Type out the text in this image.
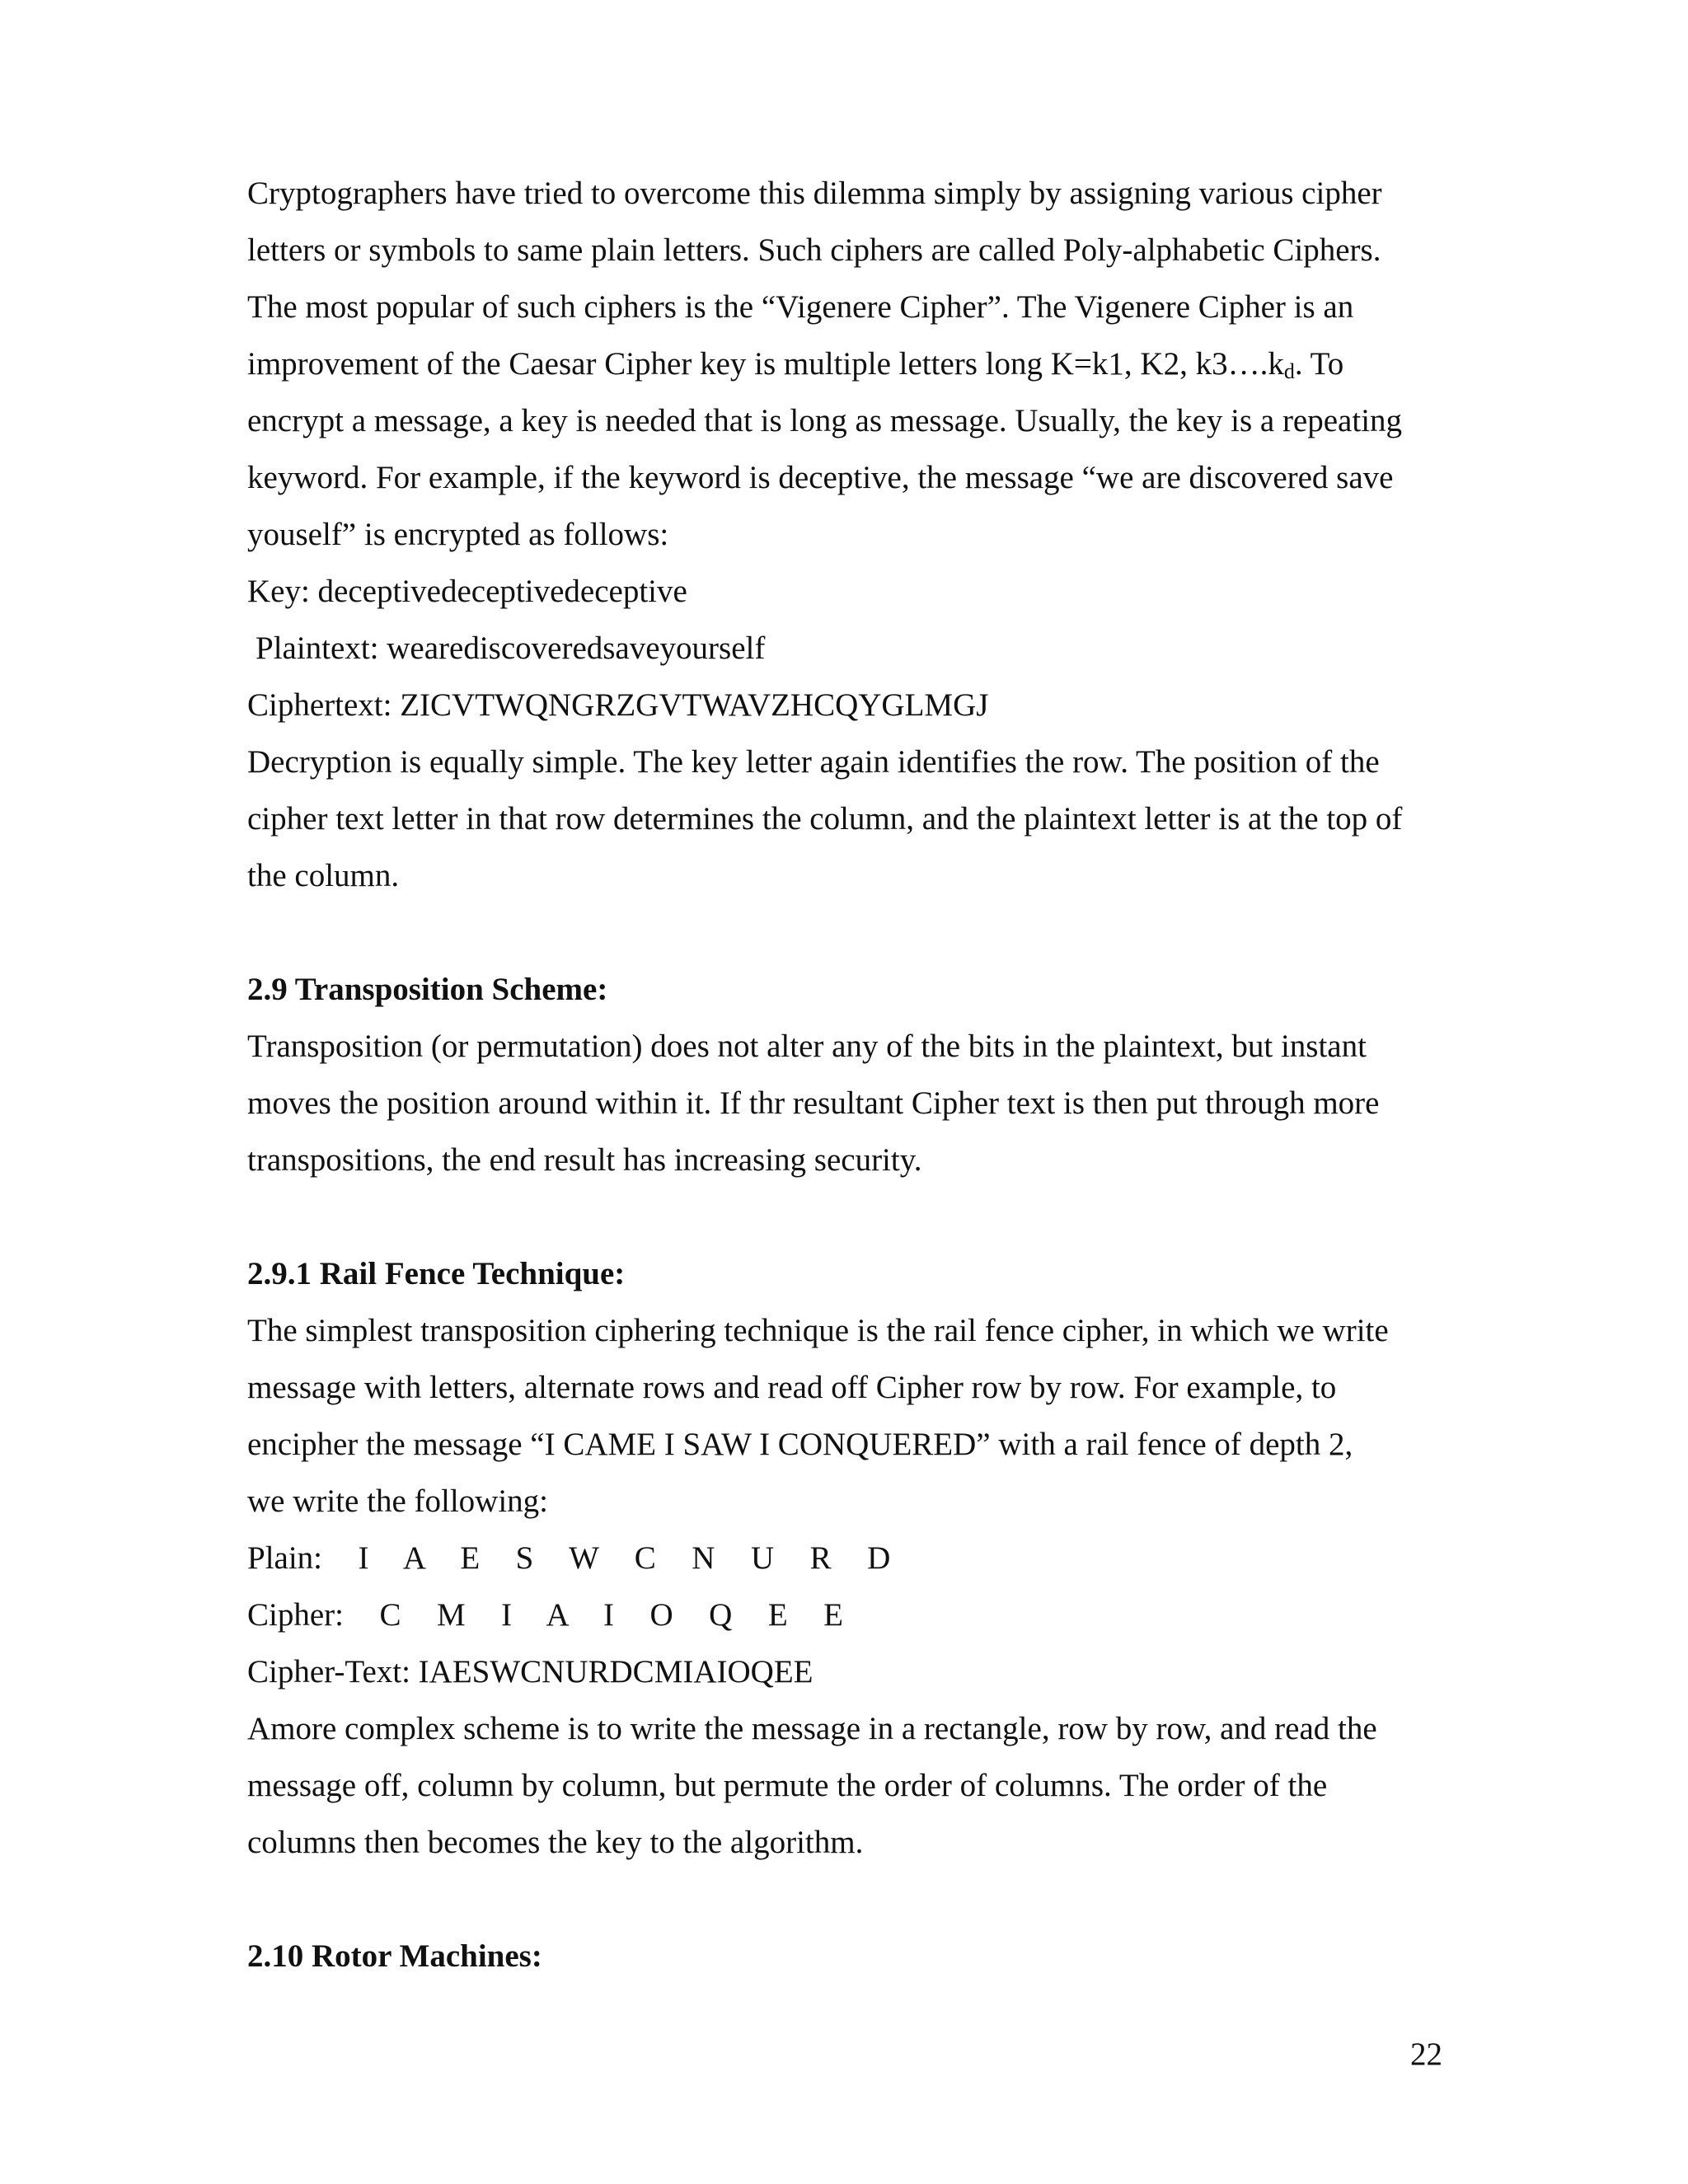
Cryptographers have tried to overcome this dilemma simply by assigning various cipher
letters or symbols to same plain letters. Such ciphers are called Poly-alphabetic Ciphers.
The most popular of such ciphers is the “Vigenere Cipher”. The Vigenere Cipher is an
improvement of the Caesar Cipher key is multiple letters long K=k1, K2, $k3\dots.k_d$. To
encrypt a message, a key is needed that is long as message. Usually, the key is a repeating
keyword. For example, if the keyword is deceptive, the message “we are discovered save
youself” is encrypted as follows:
Key: deceptivedeceptivedeceptive
Plaintext: wearediscoveredsaveyourself
Ciphertext: ZICVTWQNGRZGVTWAVZHCQYGLMGJ
Decryption is equally simple. The key letter again identifies the row. The position of the
cipher text letter in that row determines the column, and the plaintext letter is at the top of
the column.
2.9 Transposition Scheme:
Transposition (or permutation) does not alter any of the bits in the plaintext, but instant
moves the position around within it. If thr resultant Cipher text is then put through more
transpositions, the end result has increasing security.
2.9.1 Rail Fence Technique:
The simplest transposition ciphering technique is the rail fence cipher, in which we write
message with letters, alternate rows and read off Cipher row by row. For example, to
encipher the message “I CAME I SAW I CONQUERED” with a rail fence of depth 2,
we write the following:
Plain:  I  A  E  S  W  C  N  U  R  D
Cipher:  C  M  I  A  I  O  Q  E  E
Cipher-Text: IAESWCNURDCMIAIOQEE
Amore complex scheme is to write the message in a rectangle, row by row, and read the
message off, column by column, but permute the order of columns. The order of the
columns then becomes the key to the algorithm.
2.10 Rotor Machines:
22
